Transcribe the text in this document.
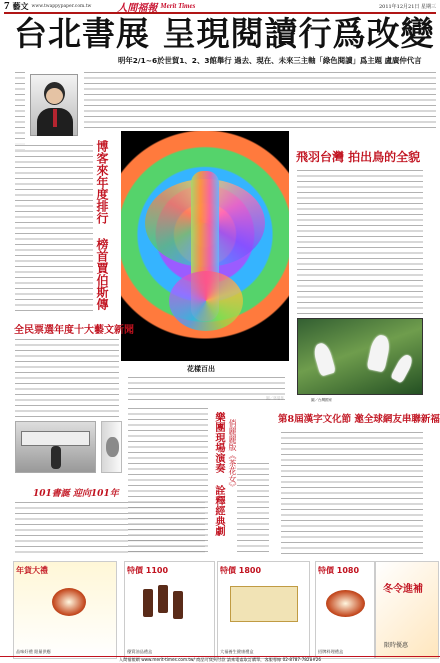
7 藝文 www.twappypaper.com.tw	人間福報 Merit Times	2011年12月21日 星期三
台北書展 呈現閱讀行爲改變
明年2/1~6於世貿1、2、3館舉行 過去、現在、未來三主軸「綠色閱讀」爲主題 盧廣仲代言
博客來年度排行 榜首賈伯斯傳
花樣百出
飛羽台灣 拍出鳥的全貌
圖／台灣國家
全民票選年度十大藝文新聞
101書誕 迎向101年	樂團現場演奏 詮釋經典劇 俏麗麗版《茶花女》	第8屆漢字文化節 邀全球網友串聯新福
年貨大禮
品味好禮 限量供應
特價 1100
優質油品禮盒
特價 1800
大福養生健康禮盒
特價 1080
招牌料理禮盒
冬令進補
限時優惠
人間福報網 www.merit-times.com.tw/ 商品可貨到付款 請來電索取訂購單，客服專線 02-8787-7828#26
